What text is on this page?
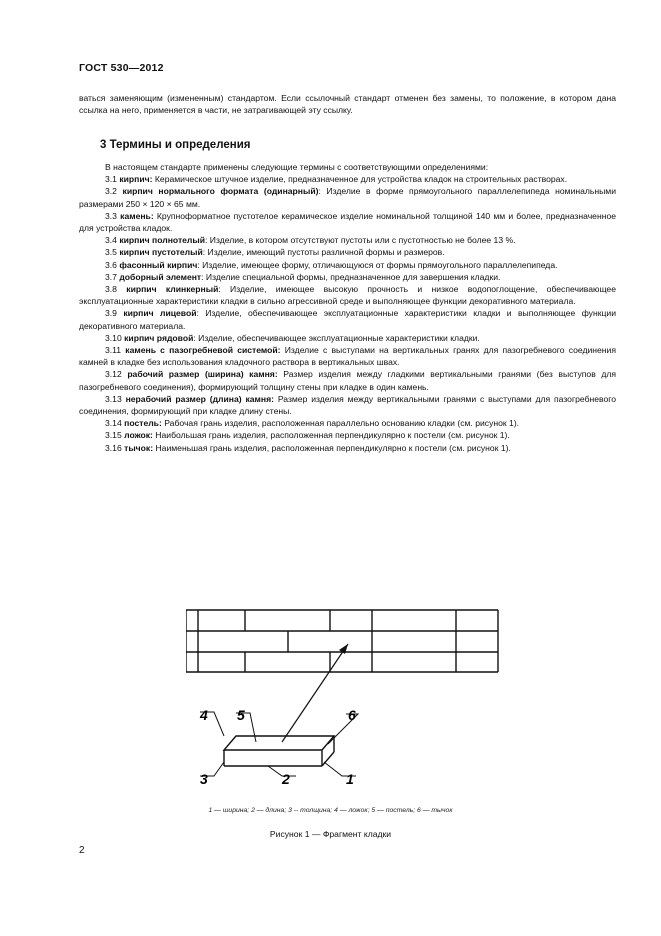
ГОСТ 530—2012
ваться заменяющим (измененным) стандартом. Если ссылочный стандарт отменен без замены, то положение, в котором дана ссылка на него, применяется в части, не затрагивающей эту ссылку.
3 Термины и определения

В настоящем стандарте применены следующие термины с соответствующими определениями:

3.1 кирпич: Керамическое штучное изделие, предназначенное для устройства кладок на строительных растворах.

3.2 кирпич нормального формата (одинарный): Изделие в форме прямоугольного параллелепипеда номинальными размерами 250 × 120 × 65 мм.

3.3 камень: Крупноформатное пустотелое керамическое изделие номинальной толщиной 140 мм и более, предназначенное для устройства кладок.

3.4 кирпич полнотелый: Изделие, в котором отсутствуют пустоты или с пустотностью не более 13 %.

3.5 кирпич пустотелый: Изделие, имеющий пустоты различной формы и размеров.

3.6 фасонный кирпич: Изделие, имеющее форму, отличающуюся от формы прямоугольного параллелепипеда.

3.7 доборный элемент: Изделие специальной формы, предназначенное для завершения кладки.

3.8 кирпич клинкерный: Изделие, имеющее высокую прочность и низкое водопоглощение, обеспечивающее эксплуатационные характеристики кладки в сильно агрессивной среде и выполняющее функции декоративного материала.

3.9 кирпич лицевой: Изделие, обеспечивающее эксплуатационные характеристики кладки и выполняющее функции декоративного материала.

3.10 кирпич рядовой: Изделие, обеспечивающее эксплуатационные характеристики кладки.

3.11 камень с пазогребневой системой: Изделие с выступами на вертикальных гранях для пазогребневого соединения камней в кладке без использования кладочного раствора в вертикальных швах.

3.12 рабочий размер (ширина) камня: Размер изделия между гладкими вертикальными гранями (без выступов для пазогребневого соединения), формирующий толщину стены при кладке в один камень.

3.13 нерабочий размер (длина) камня: Размер изделия между вертикальными гранями с выступами для пазогребневого соединения, формирующий при кладке длину стены.

3.14 постель: Рабочая грань изделия, расположенная параллельно основанию кладки (см. рисунок 1).

3.15 ложок: Наибольшая грань изделия, расположенная перпендикулярно к постели (см. рисунок 1).

3.16 тычок: Наименьшая грань изделия, расположенная перпендикулярно к постели (см. рисунок 1).

4 5	6
3	2	1
1 — ширина; 2 — длина; 3 -- толщина; 4 — ложок; 5 — постель; 6 — тычок
Рисунок 1 — Фрагмент кладки
2
